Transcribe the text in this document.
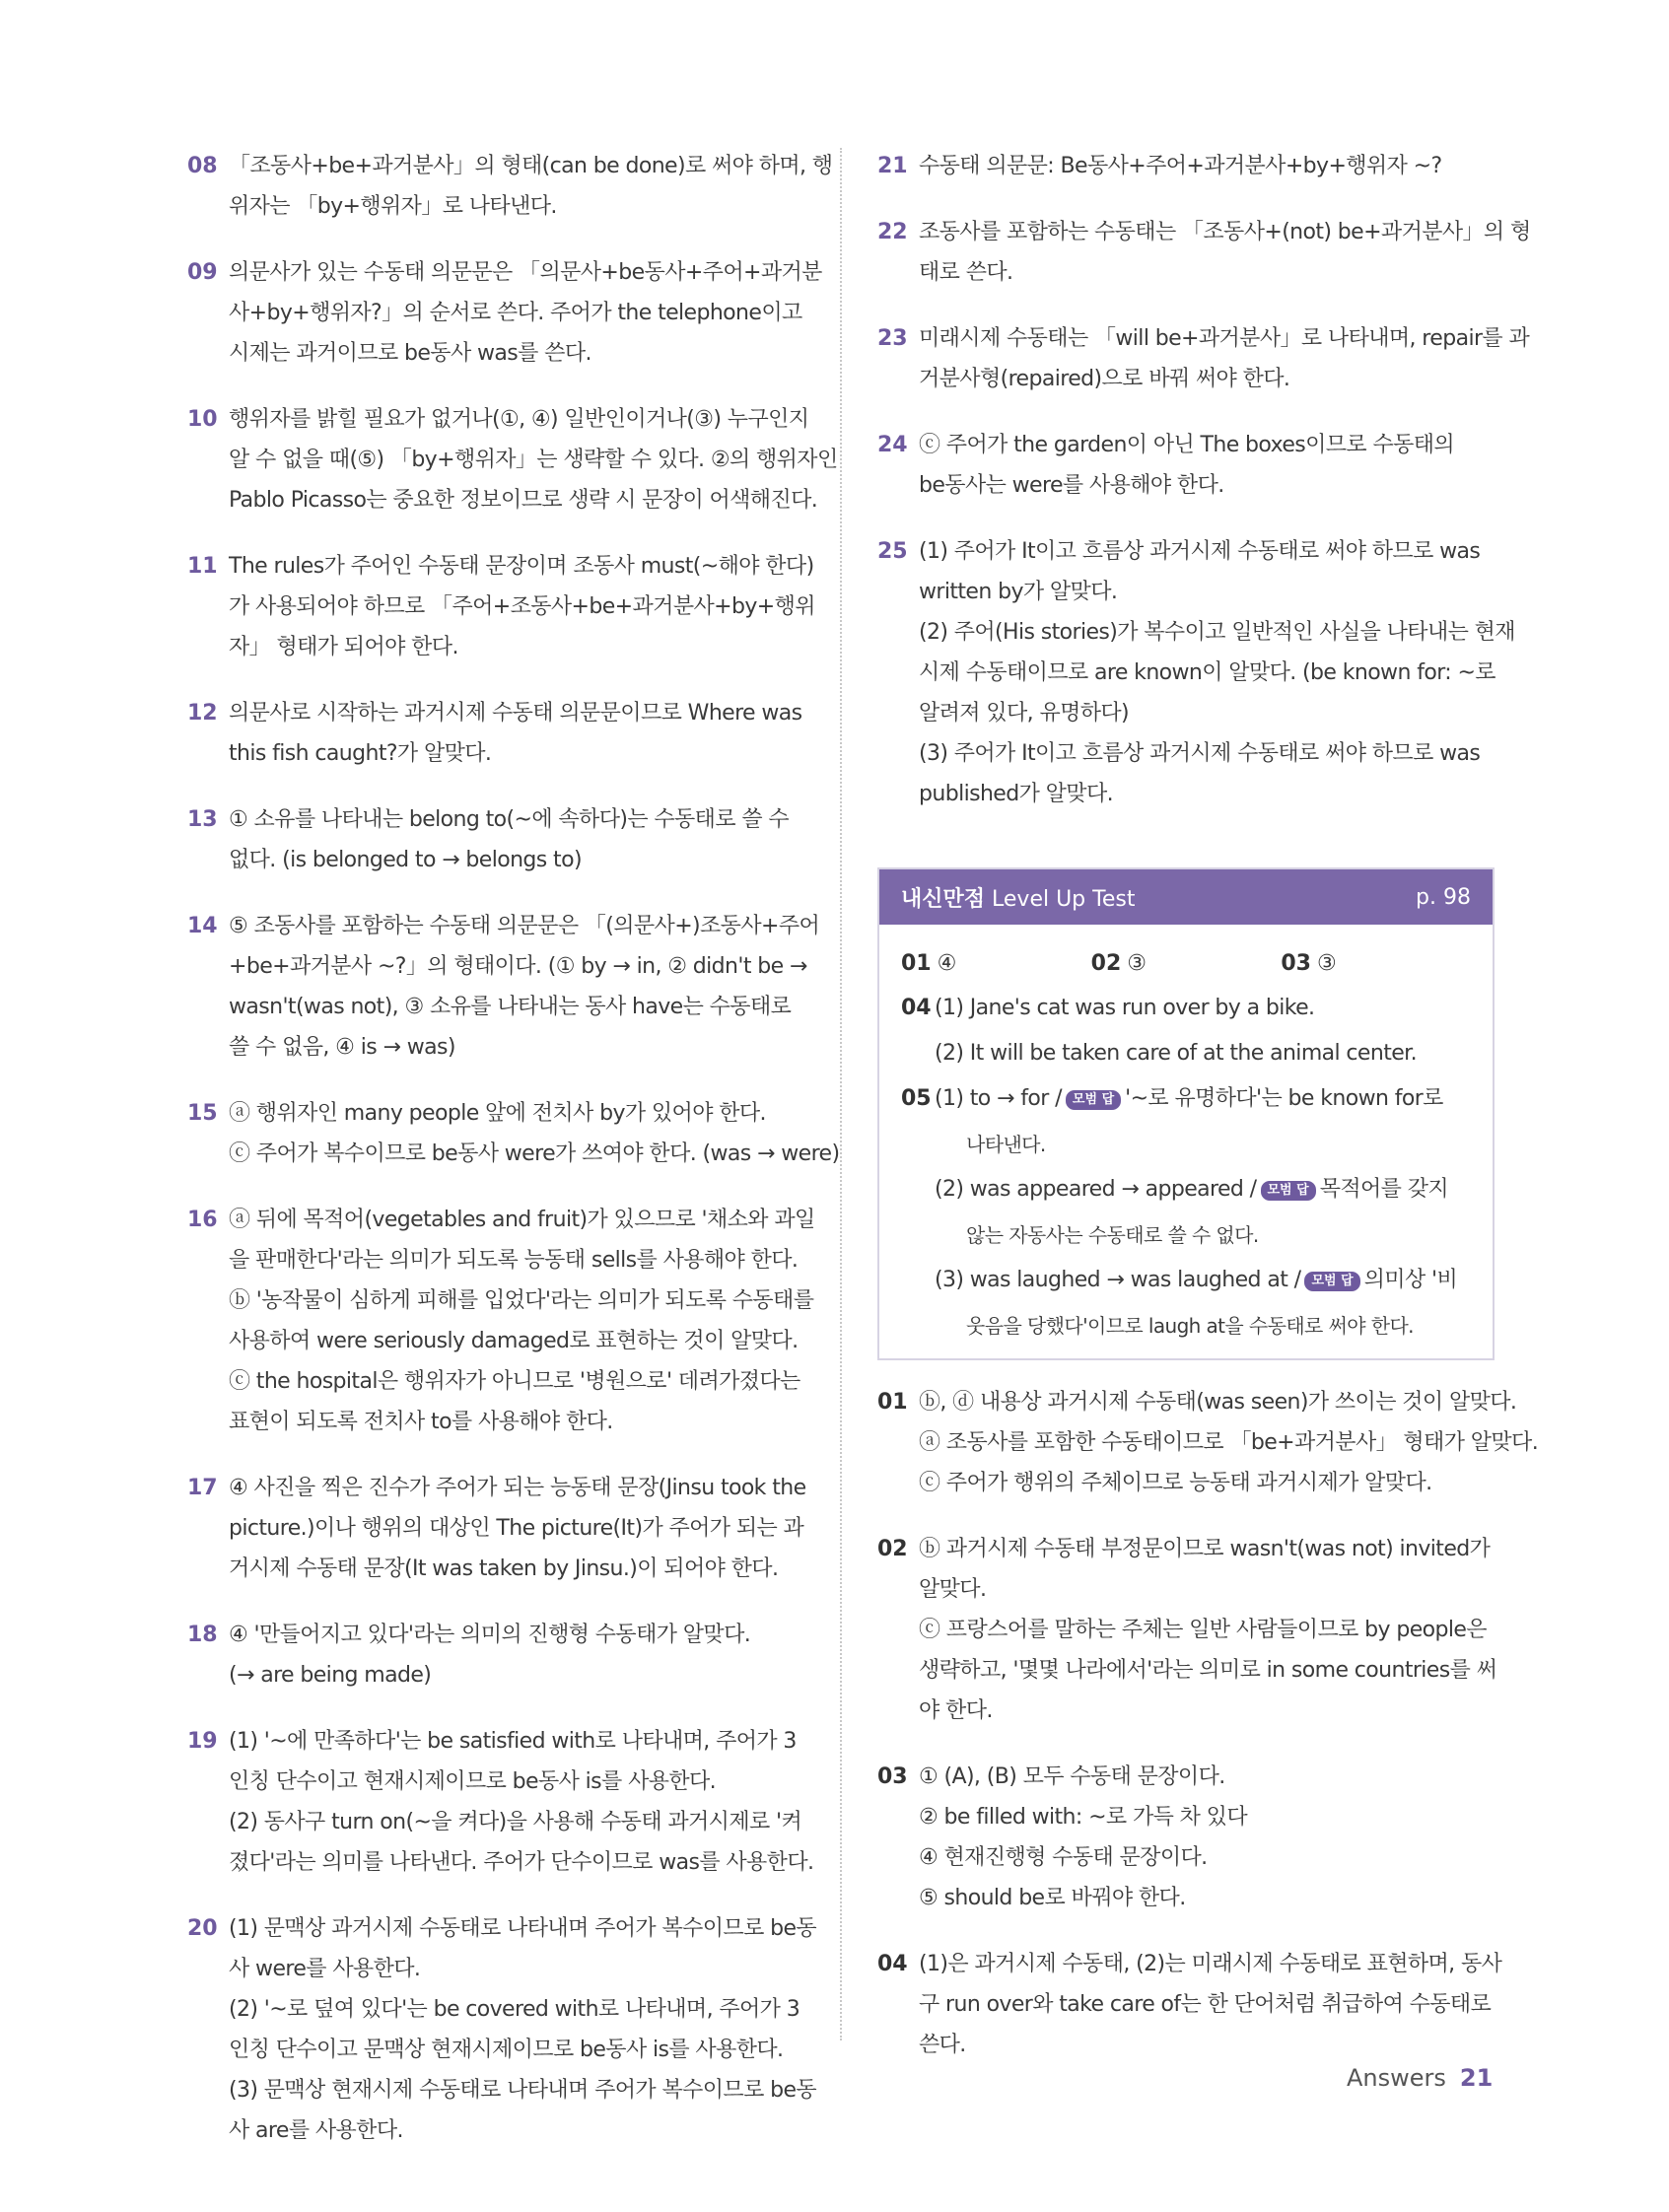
08 「조동사+be+과거분사」의 형태(can be done)로 써야 하며, 행
위자는 「by+행위자」로 나타낸다.
09 의문사가 있는 수동태 의문문은 「의문사+be동사+주어+과거분
사+by+행위자?」의 순서로 쓴다. 주어가 the telephone이고
시제는 과거이므로 be동사 was를 쓴다.
10 행위자를 밝힐 필요가 없거나(①, ④) 일반인이거나(③) 누구인지
알 수 없을 때(⑤) 「by+행위자」는 생략할 수 있다. ②의 행위자인
Pablo Picasso는 중요한 정보이므로 생략 시 문장이 어색해진다.
11 The rules가 주어인 수동태 문장이며 조동사 must(~해야 한다)
가 사용되어야 하므로 「주어+조동사+be+과거분사+by+행위
자」 형태가 되어야 한다.
12 의문사로 시작하는 과거시제 수동태 의문문이므로 Where was
this fish caught?가 알맞다.
13 ① 소유를 나타내는 belong to(~에 속하다)는 수동태로 쓸 수
없다. (is belonged to → belongs to)
14 ⑤ 조동사를 포함하는 수동태 의문문은 「(의문사+)조동사+주어
+be+과거분사 ~?」의 형태이다. (① by → in, ② didn't be →
wasn't(was not), ③ 소유를 나타내는 동사 have는 수동태로
쓸 수 없음, ④ is → was)
15 ⓐ 행위자인 many people 앞에 전치사 by가 있어야 한다.
ⓒ 주어가 복수이므로 be동사 were가 쓰여야 한다. (was → were)
16 ⓐ 뒤에 목적어(vegetables and fruit)가 있으므로 '채소와 과일
을 판매한다'라는 의미가 되도록 능동태 sells를 사용해야 한다.
ⓑ '농작물이 심하게 피해를 입었다'라는 의미가 되도록 수동태를
사용하여 were seriously damaged로 표현하는 것이 알맞다.
ⓒ the hospital은 행위자가 아니므로 '병원으로' 데려가졌다는
표현이 되도록 전치사 to를 사용해야 한다.
17 ④ 사진을 찍은 진수가 주어가 되는 능동태 문장(Jinsu took the
picture.)이나 행위의 대상인 The picture(It)가 주어가 되는 과
거시제 수동태 문장(It was taken by Jinsu.)이 되어야 한다.
18 ④ '만들어지고 있다'라는 의미의 진행형 수동태가 알맞다.
(→ are being made)
19 (1) '~에 만족하다'는 be satisfied with로 나타내며, 주어가 3
인칭 단수이고 현재시제이므로 be동사 is를 사용한다.
(2) 동사구 turn on(~을 켜다)을 사용해 수동태 과거시제로 '켜
졌다'라는 의미를 나타낸다. 주어가 단수이므로 was를 사용한다.
20 (1) 문맥상 과거시제 수동태로 나타내며 주어가 복수이므로 be동
사 were를 사용한다.
(2) '~로 덮여 있다'는 be covered with로 나타내며, 주어가 3
인칭 단수이고 문맥상 현재시제이므로 be동사 is를 사용한다.
(3) 문맥상 현재시제 수동태로 나타내며 주어가 복수이므로 be동
사 are를 사용한다.
21 수동태 의문문: Be동사+주어+과거분사+by+행위자 ~?
22 조동사를 포함하는 수동태는 「조동사+(not) be+과거분사」의 형
태로 쓴다.
23 미래시제 수동태는 「will be+과거분사」로 나타내며, repair를 과
거분사형(repaired)으로 바꿔 써야 한다.
24 ⓒ 주어가 the garden이 아닌 The boxes이므로 수동태의
be동사는 were를 사용해야 한다.
25 (1) 주어가 It이고 흐름상 과거시제 수동태로 써야 하므로 was
written by가 알맞다.
(2) 주어(His stories)가 복수이고 일반적인 사실을 나타내는 현재
시제 수동태이므로 are known이 알맞다. (be known for: ~로
알려져 있다, 유명하다)
(3) 주어가 It이고 흐름상 과거시제 수동태로 써야 하므로 was
published가 알맞다.
내신만점 Level Up Test	p. 98
01 ④	02 ③	03 ③
04 (1) Jane's cat was run over by a bike.
(2) It will be taken care of at the animal center.
05 (1) to → for / 모범 답 '~로 유명하다'는 be known for로
나타낸다.
(2) was appeared → appeared / 모범 답 목적어를 갖지
않는 자동사는 수동태로 쓸 수 없다.
(3) was laughed → was laughed at / 모범 답 의미상 '비
웃음을 당했다'이므로 laugh at을 수동태로 써야 한다.
01 ⓑ, ⓓ 내용상 과거시제 수동태(was seen)가 쓰이는 것이 알맞다.
ⓐ 조동사를 포함한 수동태이므로 「be+과거분사」 형태가 알맞다.
ⓒ 주어가 행위의 주체이므로 능동태 과거시제가 알맞다.
02 ⓑ 과거시제 수동태 부정문이므로 wasn't(was not) invited가
알맞다.
ⓒ 프랑스어를 말하는 주체는 일반 사람들이므로 by people은
생략하고, '몇몇 나라에서'라는 의미로 in some countries를 써
야 한다.
03 ① (A), (B) 모두 수동태 문장이다.
② be filled with: ~로 가득 차 있다
④ 현재진행형 수동태 문장이다.
⑤ should be로 바꿔야 한다.
04 (1)은 과거시제 수동태, (2)는 미래시제 수동태로 표현하며, 동사
구 run over와 take care of는 한 단어처럼 취급하여 수동태로
쓴다.
Answers 21
